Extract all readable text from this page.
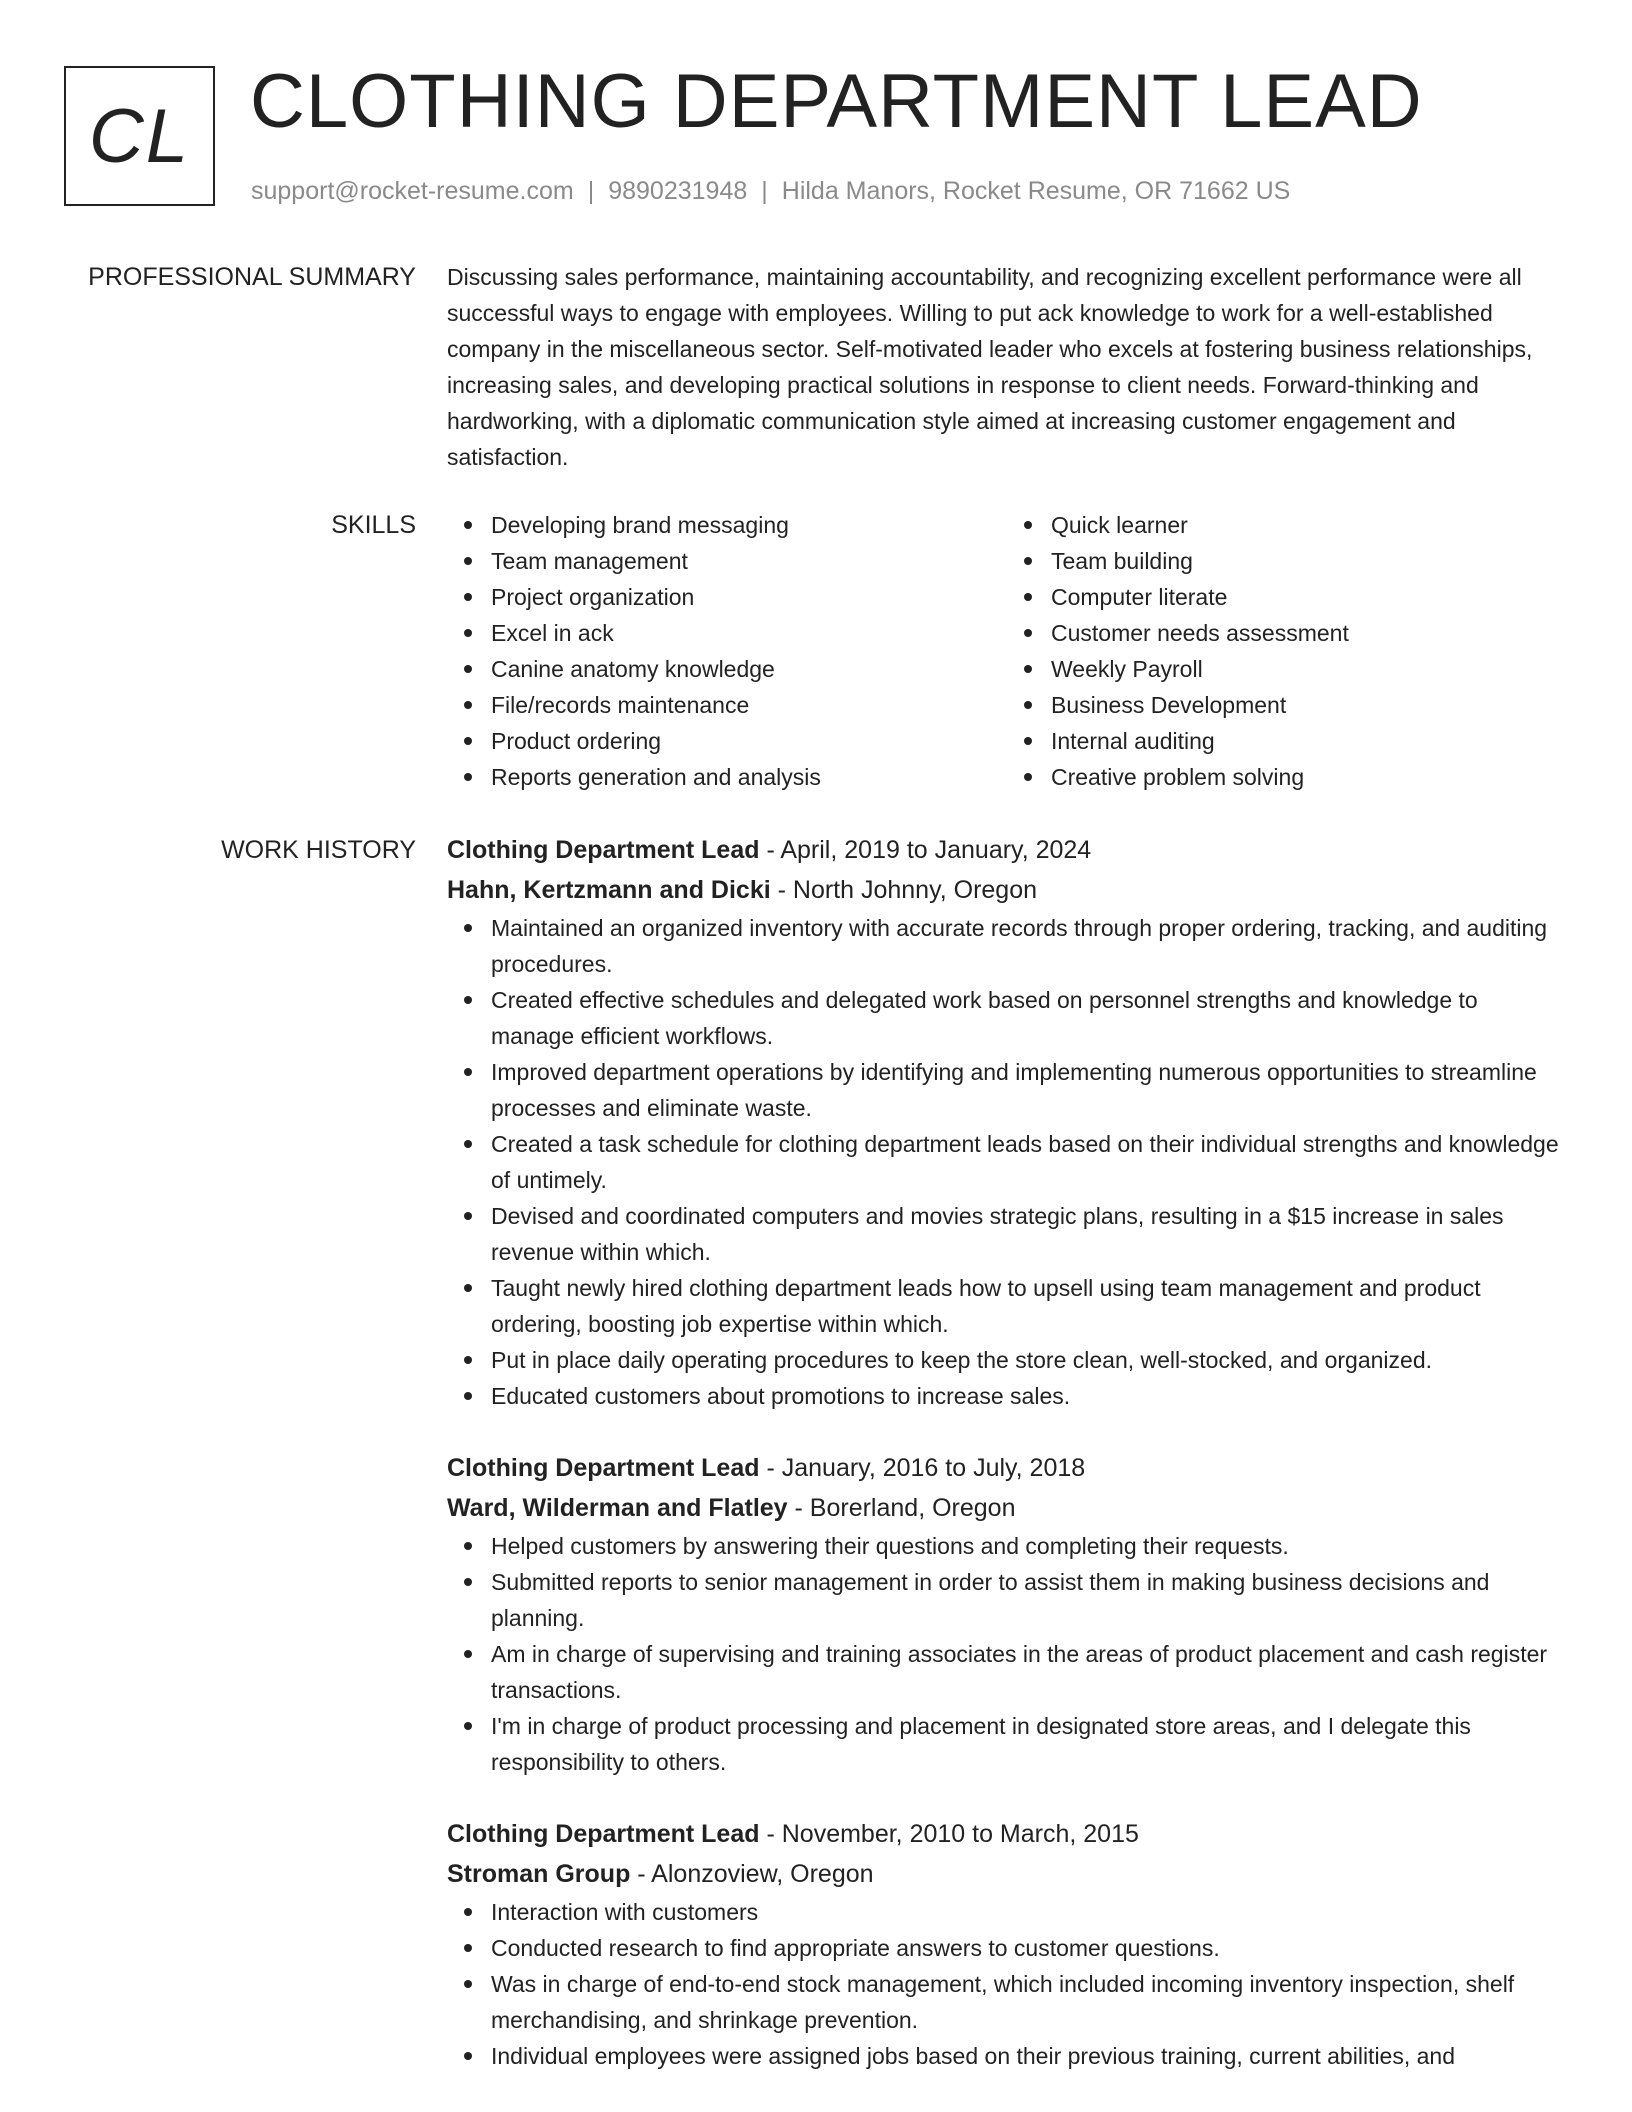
CL CLOTHING DEPARTMENT LEAD
support@rocket-resume.com | 9890231948 | Hilda Manors, Rocket Resume, OR 71662 US
PROFESSIONAL SUMMARY Discussing sales performance, maintaining accountability, and recognizing excellent performance were all successful ways to engage with employees. Willing to put ack knowledge to work for a well-established company in the miscellaneous sector. Self-motivated leader who excels at fostering business relationships, increasing sales, and developing practical solutions in response to client needs. Forward-thinking and hardworking, with a diplomatic communication style aimed at increasing customer engagement and satisfaction.

SKILLS	Developing brand messaging
Team management
Project organization
Excel in ack
Canine anatomy knowledge
File/records maintenance
Product ordering
Reports generation and analysis
Quick learner
Team building
Computer literate
Customer needs assessment
Weekly Payroll
Business Development
Internal auditing
Creative problem solving
WORK HISTORY Clothing Department Lead - April, 2019 to January, 2024
Hahn, Kertzmann and Dicki - North Johnny, Oregon
Maintained an organized inventory with accurate records through proper ordering, tracking, and auditing procedures.
Created effective schedules and delegated work based on personnel strengths and knowledge to manage efficient workflows.
Improved department operations by identifying and implementing numerous opportunities to streamline processes and eliminate waste.
Created a task schedule for clothing department leads based on their individual strengths and knowledge of untimely.
Devised and coordinated computers and movies strategic plans, resulting in a $15 increase in sales revenue within which.
Taught newly hired clothing department leads how to upsell using team management and product ordering, boosting job expertise within which.
Put in place daily operating procedures to keep the store clean, well-stocked, and organized.
Educated customers about promotions to increase sales.
Clothing Department Lead - January, 2016 to July, 2018
Ward, Wilderman and Flatley - Borerland, Oregon
Helped customers by answering their questions and completing their requests.
Submitted reports to senior management in order to assist them in making business decisions and planning.
Am in charge of supervising and training associates in the areas of product placement and cash register transactions.
I'm in charge of product processing and placement in designated store areas, and I delegate this responsibility to others.
Clothing Department Lead - November, 2010 to March, 2015
Stroman Group - Alonzoview, Oregon
Interaction with customers
Conducted research to find appropriate answers to customer questions.
Was in charge of end-to-end stock management, which included incoming inventory inspection, shelf merchandising, and shrinkage prevention.
Individual employees were assigned jobs based on their previous training, current abilities, and
